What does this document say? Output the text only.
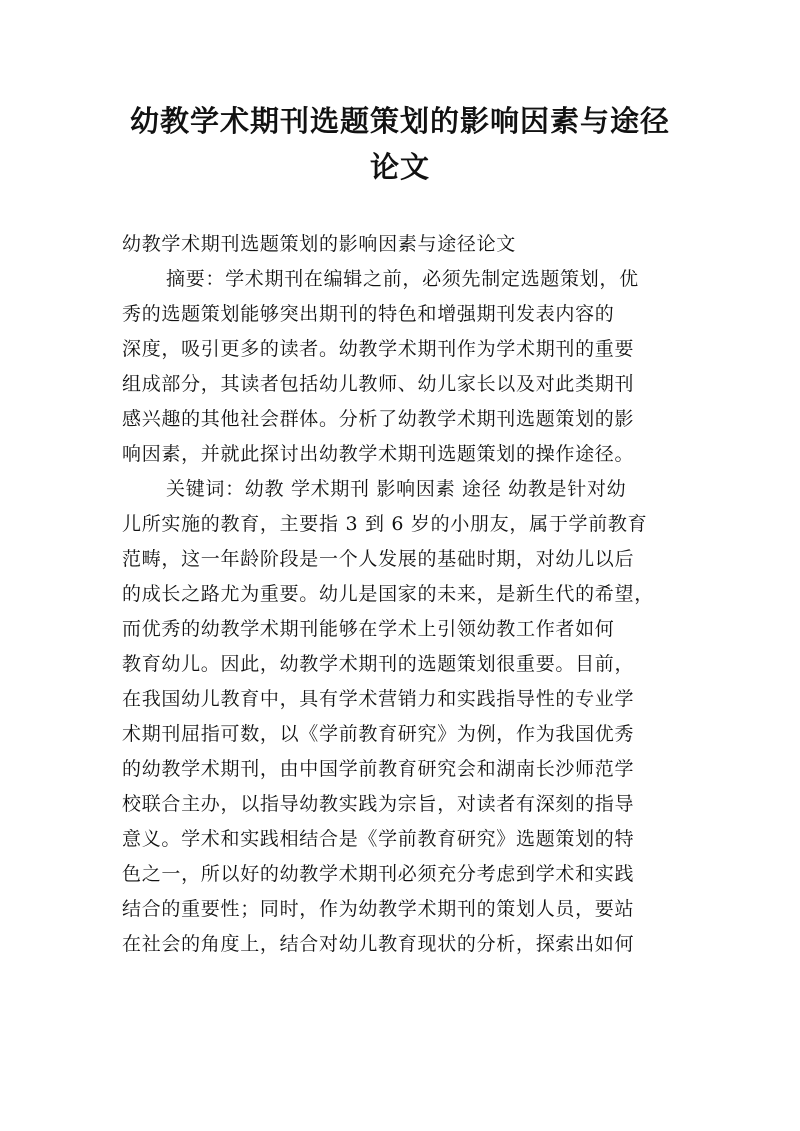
幼教学术期刊选题策划的影响因素与途径
论文
幼教学术期刊选题策划的影响因素与途径论文
摘要：学术期刊在编辑之前，必须先制定选题策划，优
秀的选题策划能够突出期刊的特色和增强期刊发表内容的
深度，吸引更多的读者。幼教学术期刊作为学术期刊的重要
组成部分，其读者包括幼儿教师、幼儿家长以及对此类期刊
感兴趣的其他社会群体。分析了幼教学术期刊选题策划的影
响因素，并就此探讨出幼教学术期刊选题策划的操作途径。
关键词：幼教 学术期刊 影响因素 途径 幼教是针对幼
儿所实施的教育，主要指 3 到 6 岁的小朋友，属于学前教育
范畴，这一年龄阶段是一个人发展的基础时期，对幼儿以后
的成长之路尤为重要。幼儿是国家的未来，是新生代的希望，
而优秀的幼教学术期刊能够在学术上引领幼教工作者如何
教育幼儿。因此，幼教学术期刊的选题策划很重要。目前，
在我国幼儿教育中，具有学术营销力和实践指导性的专业学
术期刊屈指可数，以《学前教育研究》为例，作为我国优秀
的幼教学术期刊，由中国学前教育研究会和湖南长沙师范学
校联合主办，以指导幼教实践为宗旨，对读者有深刻的指导
意义。学术和实践相结合是《学前教育研究》选题策划的特
色之一，所以好的幼教学术期刊必须充分考虑到学术和实践
结合的重要性；同时，作为幼教学术期刊的策划人员，要站
在社会的角度上，结合对幼儿教育现状的分析，探索出如何
